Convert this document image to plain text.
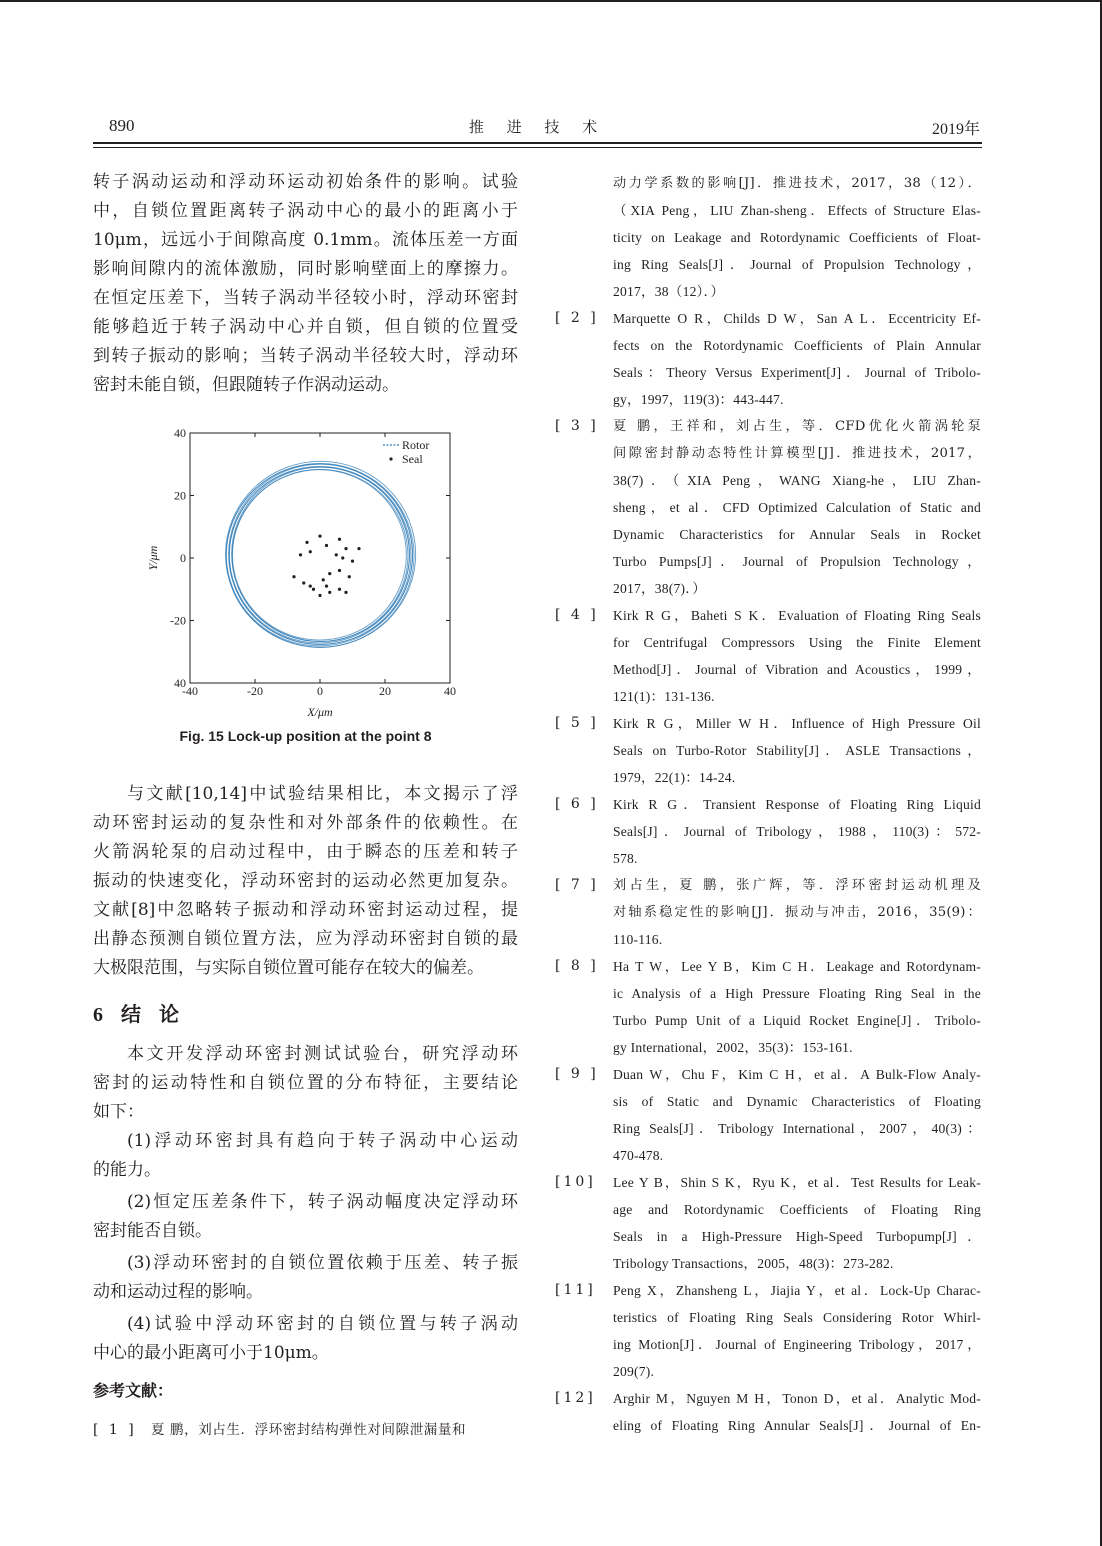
890	推 进 技 术	2019年
转子涡动运动和浮动环运动初始条件的影响。试验
中，自锁位置距离转子涡动中心的最小的距离小于
10μm，远远小于间隙高度 0.1mm。流体压差一方面
影响间隙内的流体激励，同时影响壁面上的摩擦力。
在恒定压差下，当转子涡动半径较小时，浮动环密封
能够趋近于转子涡动中心并自锁，但自锁的位置受
到转子振动的影响；当转子涡动半径较大时，浮动环
密封未能自锁，但跟随转子作涡动运动。
-40	-20	0	20	40
40
20
0
-20
40
X/μm
Y/μm
Rotor
Seal
Fig. 15 Lock-up position at the point 8
与文献[10,14]中试验结果相比，本文揭示了浮
动环密封运动的复杂性和对外部条件的依赖性。在
火箭涡轮泵的启动过程中，由于瞬态的压差和转子
振动的快速变化，浮动环密封的运动必然更加复杂。
文献[8]中忽略转子振动和浮动环密封运动过程，提
出静态预测自锁位置方法，应为浮动环密封自锁的最
大极限范围，与实际自锁位置可能存在较大的偏差。
6 结论
本文开发浮动环密封测试试验台，研究浮动环
密封的运动特性和自锁位置的分布特征，主要结论
如下：
(1)浮动环密封具有趋向于转子涡动中心运动
的能力。
(2)恒定压差条件下，转子涡动幅度决定浮动环
密封能否自锁。
(3)浮动环密封的自锁位置依赖于压差、转子振
动和运动过程的影响。
(4)试验中浮动环密封的自锁位置与转子涡动
中心的最小距离可小于10μm。
参考文献：
[ 1 ] 夏 鹏，刘占生．浮环密封结构弹性对间隙泄漏量和
动力学系数的影响[J]．推进技术，2017，38（12）．
（XIA Peng，LIU Zhan-sheng．Effects of Structure Elas-
ticity on Leakage and Rotordynamic Coefficients of Float-
ing Ring Seals[J]．Journal of Propulsion Technology，
2017，38（12）．）
[ 2 ] Marquette O R，Childs D W，San A L．Eccentricity Ef-
fects on the Rotordynamic Coefficients of Plain Annular
Seals：Theory Versus Experiment[J]．Journal of Tribolo-
gy，1997，119(3)：443-447.
[ 3 ] 夏 鹏，王祥和，刘占生，等．CFD优化火箭涡轮泵
间隙密封静动态特性计算模型[J]．推进技术，2017，
38(7)．（XIA Peng，WANG Xiang-he，LIU Zhan-
sheng，et al．CFD Optimized Calculation of Static and
Dynamic Characteristics for Annular Seals in Rocket
Turbo Pumps[J]．Journal of Propulsion Technology，
2017，38(7)．）
[ 4 ] Kirk R G，Baheti S K．Evaluation of Floating Ring Seals
for Centrifugal Compressors Using the Finite Element
Method[J]．Journal of Vibration and Acoustics，1999，
121(1)：131-136.
[ 5 ] Kirk R G，Miller W H．Influence of High Pressure Oil
Seals on Turbo-Rotor Stability[J]．ASLE Transactions，
1979，22(1)：14-24.
[ 6 ] Kirk R G．Transient Response of Floating Ring Liquid
Seals[J]．Journal of Tribology，1988，110(3)：572-
578.
[ 7 ] 刘占生，夏 鹏，张广辉，等．浮环密封运动机理及
对轴系稳定性的影响[J]．振动与冲击，2016，35(9)：
110-116.
[ 8 ] Ha T W，Lee Y B，Kim C H．Leakage and Rotordynam-
ic Analysis of a High Pressure Floating Ring Seal in the
Turbo Pump Unit of a Liquid Rocket Engine[J]．Tribolo-
gy International，2002，35(3)：153-161.
[ 9 ] Duan W，Chu F，Kim C H，et al．A Bulk-Flow Analy-
sis of Static and Dynamic Characteristics of Floating
Ring Seals[J]．Tribology International，2007，40(3)：
470-478.
[10] Lee Y B，Shin S K，Ryu K，et al．Test Results for Leak-
age and Rotordynamic Coefficients of Floating Ring
Seals in a High-Pressure High-Speed Turbopump[J]．
Tribology Transactions，2005，48(3)：273-282.
[11] Peng X，Zhansheng L，Jiajia Y，et al．Lock-Up Charac-
teristics of Floating Ring Seals Considering Rotor Whirl-
ing Motion[J]．Journal of Engineering Tribology，2017，
209(7).
[12] Arghir M，Nguyen M H，Tonon D，et al．Analytic Mod-
eling of Floating Ring Annular Seals[J]．Journal of En-
